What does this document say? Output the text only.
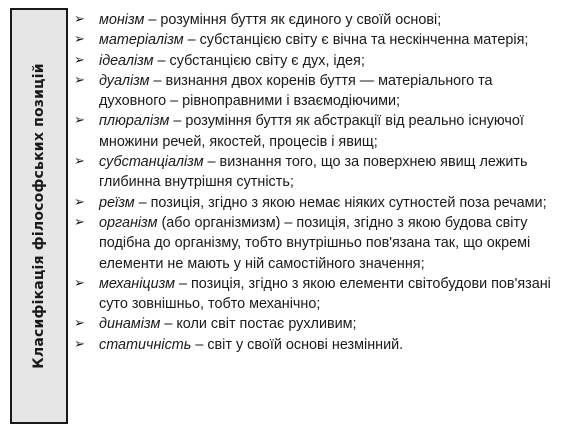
Класифікація філософських позицій
➢ монізм – розуміння буття як єдиного у своїй основі;
➢ матеріалізм – субстанцією світу є вічна та нескінченна матерія;
➢ ідеалізм – субстанцією світу є дух, ідея;
➢ дуалізм – визнання двох коренів буття — матеріального та духовного – рівноправними і взаємодіючими;
➢ плюралізм – розуміння буття як абстракції від реально існуючої множини речей, якостей, процесів і явищ;
➢ субстанціалізм – визнання того, що за поверхнею явищ лежить глибинна внутрішня сутність;
➢ реїзм – позиція, згідно з якою немає ніяких сутностей поза речами;
➢ організм (або організмизм) – позиція, згідно з якою будова світу подібна до організму, тобто внутрішньо пов'язана так, що окремі елементи не мають у ній самостійного значення;
➢ механіцизм – позиція, згідно з якою елементи світобудови пов'язані суто зовнішньо, тобто механічно;
➢ динамізм – коли світ постає рухливим;
➢ статичність – світ у своїй основі незмінний.
